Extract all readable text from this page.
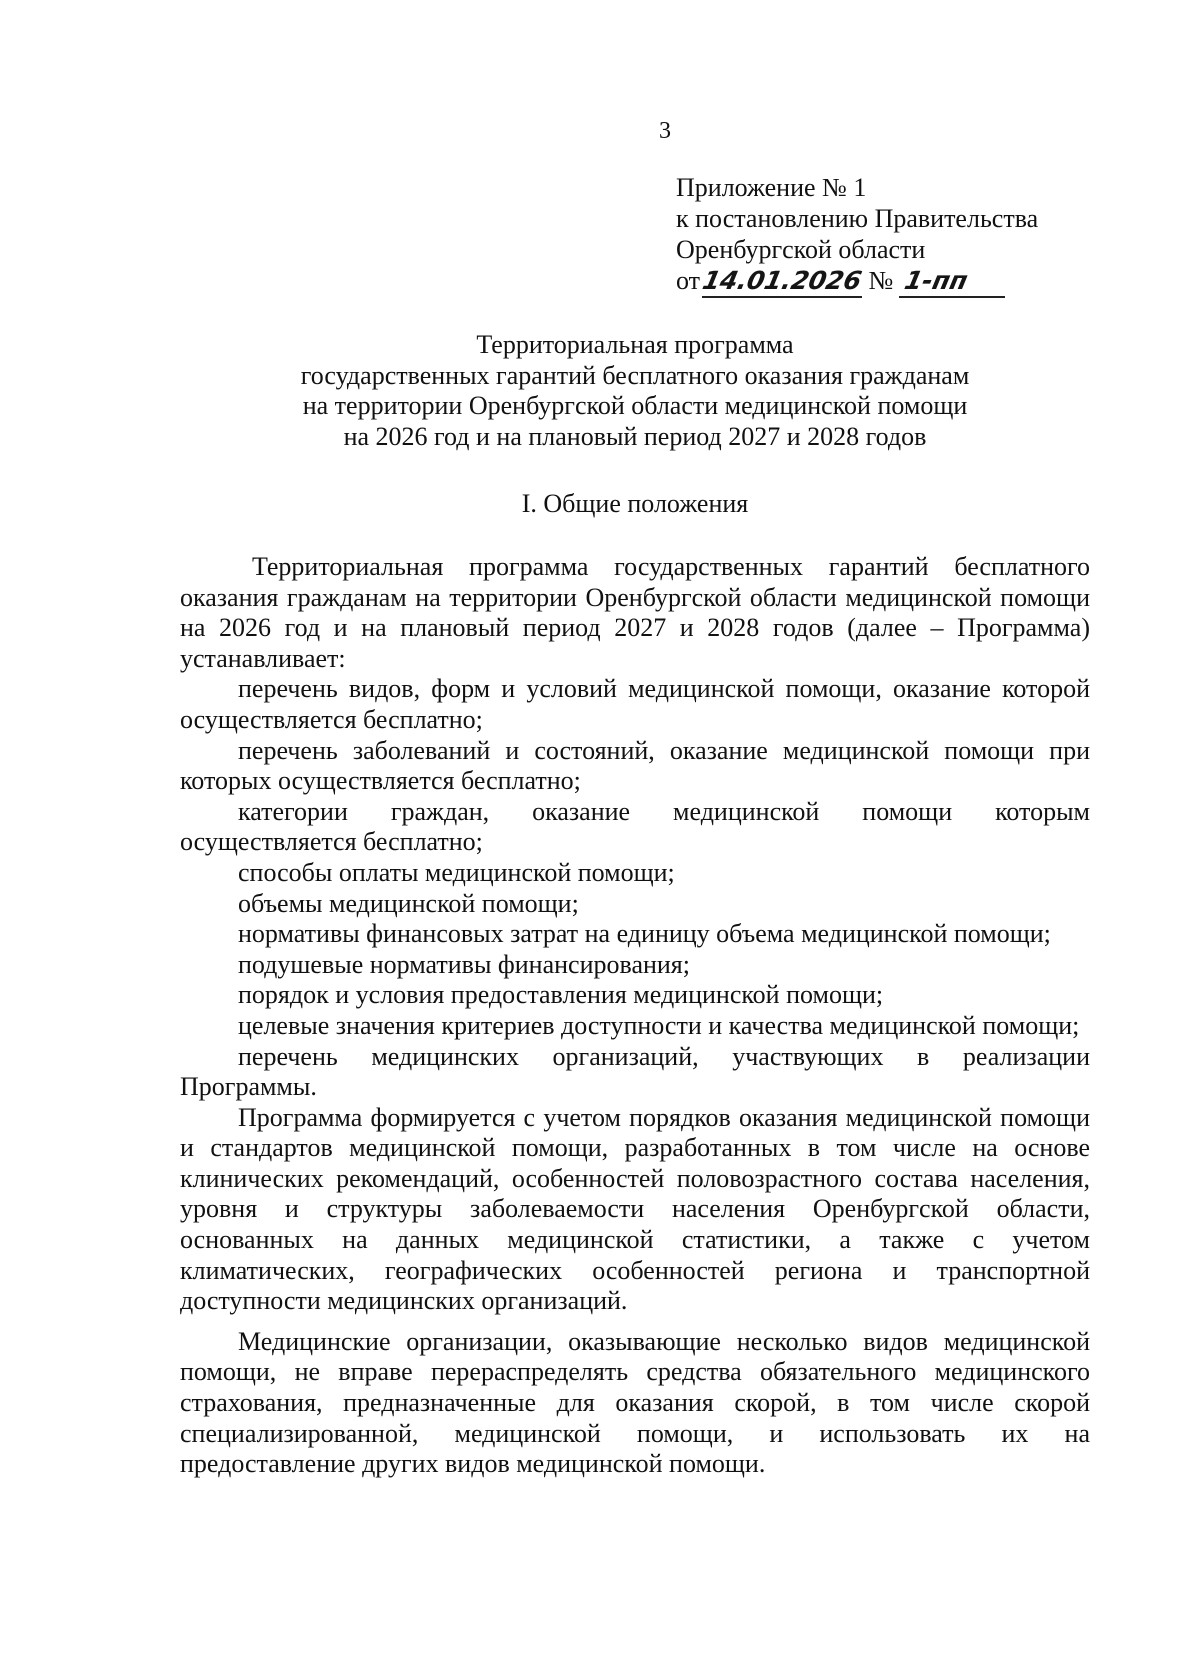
3
Приложение № 1
к постановлению Правительства
Оренбургской области
от14.01.2026 № 1-пп
Территориальная программа
государственных гарантий бесплатного оказания гражданам
на территории Оренбургской области медицинской помощи
на 2026 год и на плановый период 2027 и 2028 годов
I. Общие положения

Территориальная программа государственных гарантий бесплатного оказания гражданам на территории Оренбургской области медицинской помощи на 2026 год и на плановый период 2027 и 2028 годов (далее – Программа) устанавливает:

перечень видов, форм и условий медицинской помощи, оказание которой осуществляется бесплатно;

перечень заболеваний и состояний, оказание медицинской помощи при которых осуществляется бесплатно;

категории граждан, оказание медицинской помощи которым осуществляется бесплатно;

способы оплаты медицинской помощи;

объемы медицинской помощи;

нормативы финансовых затрат на единицу объема медицинской помощи;

подушевые нормативы финансирования;

порядок и условия предоставления медицинской помощи;

целевые значения критериев доступности и качества медицинской помощи;

перечень медицинских организаций, участвующих в реализации Программы.

Программа формируется с учетом порядков оказания медицинской помощи и стандартов медицинской помощи, разработанных в том числе на основе клинических рекомендаций, особенностей половозрастного состава населения, уровня и структуры заболеваемости населения Оренбургской области, основанных на данных медицинской статистики, а также с учетом климатических, географических особенностей региона и транспортной доступности медицинских организаций.

Медицинские организации, оказывающие несколько видов медицинской помощи, не вправе перераспределять средства обязательного медицинского страхования, предназначенные для оказания скорой, в том числе скорой специализированной, медицинской помощи, и использовать их на предоставление других видов медицинской помощи.
